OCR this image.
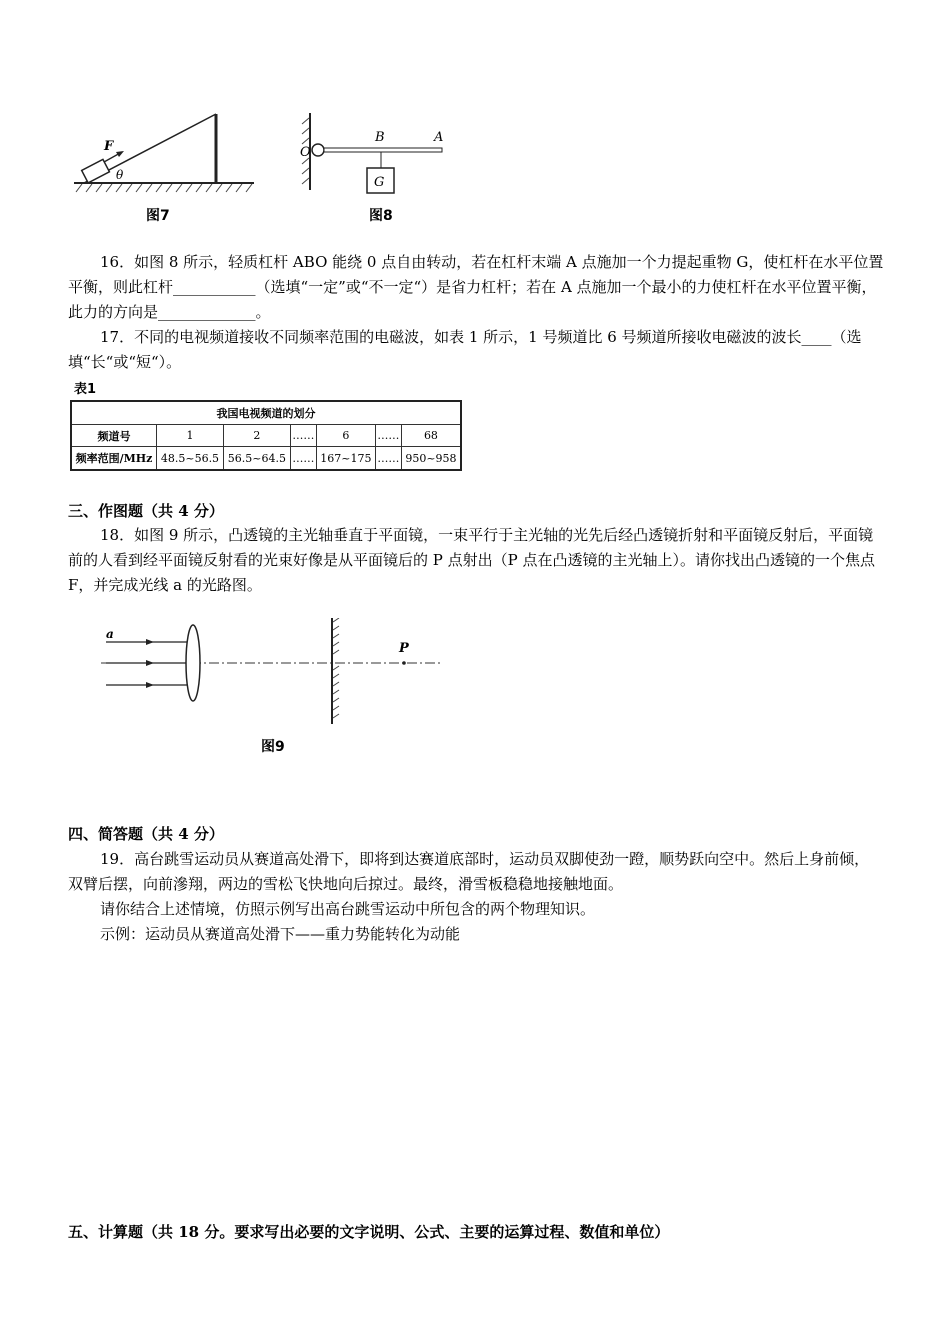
F
θ
图7
O
B	A
G
图8
16．如图 8 所示，轻质杠杆 ABO 能绕 0 点自由转动，若在杠杆末端 A 点施加一个力提起重物 G，使杠杆在水平位置平衡，则此杠杆___________（选填“一定”或“不一定“）是省力杠杆；若在 A 点施加一个最小的力使杠杆在水平位置平衡，此力的方向是_____________。
17．不同的电视频道接收不同频率范围的电磁波，如表 1 所示，1 号频道比 6 号频道所接收电磁波的波长____（选填“长“或“短“）。
表1
我国电视频道的划分						
频道号	1	2	……	6	……	68
频率范围/MHz	48.5~56.5	56.5~64.5	……	167~175	……	950~958
三、作图题（共 4 分）
18．如图 9 所示，凸透镜的主光轴垂直于平面镜，一束平行于主光轴的光先后经凸透镜折射和平面镜反射后，平面镜前的人看到经平面镜反射看的光束好像是从平面镜后的 P 点射出（P 点在凸透镜的主光轴上）。请你找出凸透镜的一个焦点 F，并完成光线 a 的光路图。
a
P
图9
四、简答题（共 4 分）
19．高台跳雪运动员从赛道高处滑下，即将到达赛道底部时，运动员双脚使劲一蹬，顺势跃向空中。然后上身前倾，双臂后摆，向前滲翔，两边的雪松飞快地向后掠过。最终，滑雪板稳稳地接触地面。
请你结合上述情境，仿照示例写出高台跳雪运动中所包含的两个物理知识。
示例：运动员从赛道高处滑下——重力势能转化为动能
五、计算题（共 18 分。要求写出必要的文字说明、公式、主要的运算过程、数值和单位）
